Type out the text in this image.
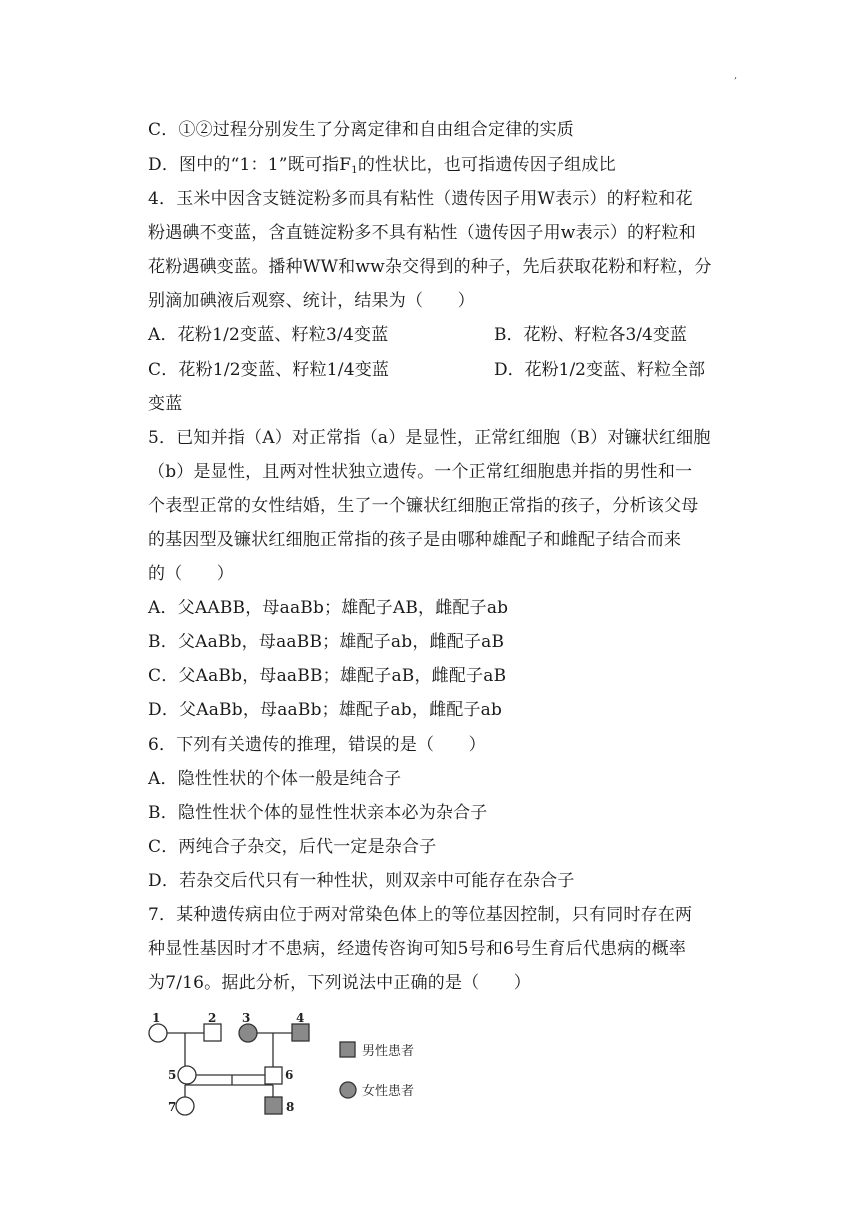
,
C．①②过程分别发生了分离定律和自由组合定律的实质
D．图中的“1：1”既可指$F_1$的性状比，也可指遗传因子组成比
4．玉米中因含支链淀粉多而具有粘性（遗传因子用W表示）的籽粒和花
粉遇碘不变蓝，含直链淀粉多不具有粘性（遗传因子用w表示）的籽粒和
花粉遇碘变蓝。播种WW和ww杂交得到的种子，先后获取花粉和籽粒，分
别滴加碘液后观察、统计，结果为（　　）
A．花粉1/2变蓝、籽粒3/4变蓝	B．花粉、籽粒各3/4变蓝
C．花粉1/2变蓝、籽粒1/4变蓝	D．花粉1/2变蓝、籽粒全部
变蓝
5．已知并指（A）对正常指（a）是显性，正常红细胞（B）对镰状红细胞
（b）是显性，且两对性状独立遗传。一个正常红细胞患并指的男性和一
个表型正常的女性结婚，生了一个镰状红细胞正常指的孩子，分析该父母
的基因型及镰状红细胞正常指的孩子是由哪种雄配子和雌配子结合而来
的（　　）
A．父AABB，母aaBb；雄配子AB，雌配子ab
B．父AaBb，母aaBB；雄配子ab，雌配子aB
C．父AaBb，母aaBB；雄配子aB，雌配子aB
D．父AaBb，母aaBb；雄配子ab，雌配子ab
6．下列有关遗传的推理，错误的是（　　）
A．隐性性状的个体一般是纯合子
B．隐性性状个体的显性性状亲本必为杂合子
C．两纯合子杂交，后代一定是杂合子
D．若杂交后代只有一种性状，则双亲中可能存在杂合子
7．某种遗传病由位于两对常染色体上的等位基因控制，只有同时存在两
种显性基因时才不患病，经遗传咨询可知5号和6号生育后代患病的概率
为7/16。据此分析，下列说法中正确的是（　　）
1	2 3	4
5	6
7	8
男性患者
女性患者
